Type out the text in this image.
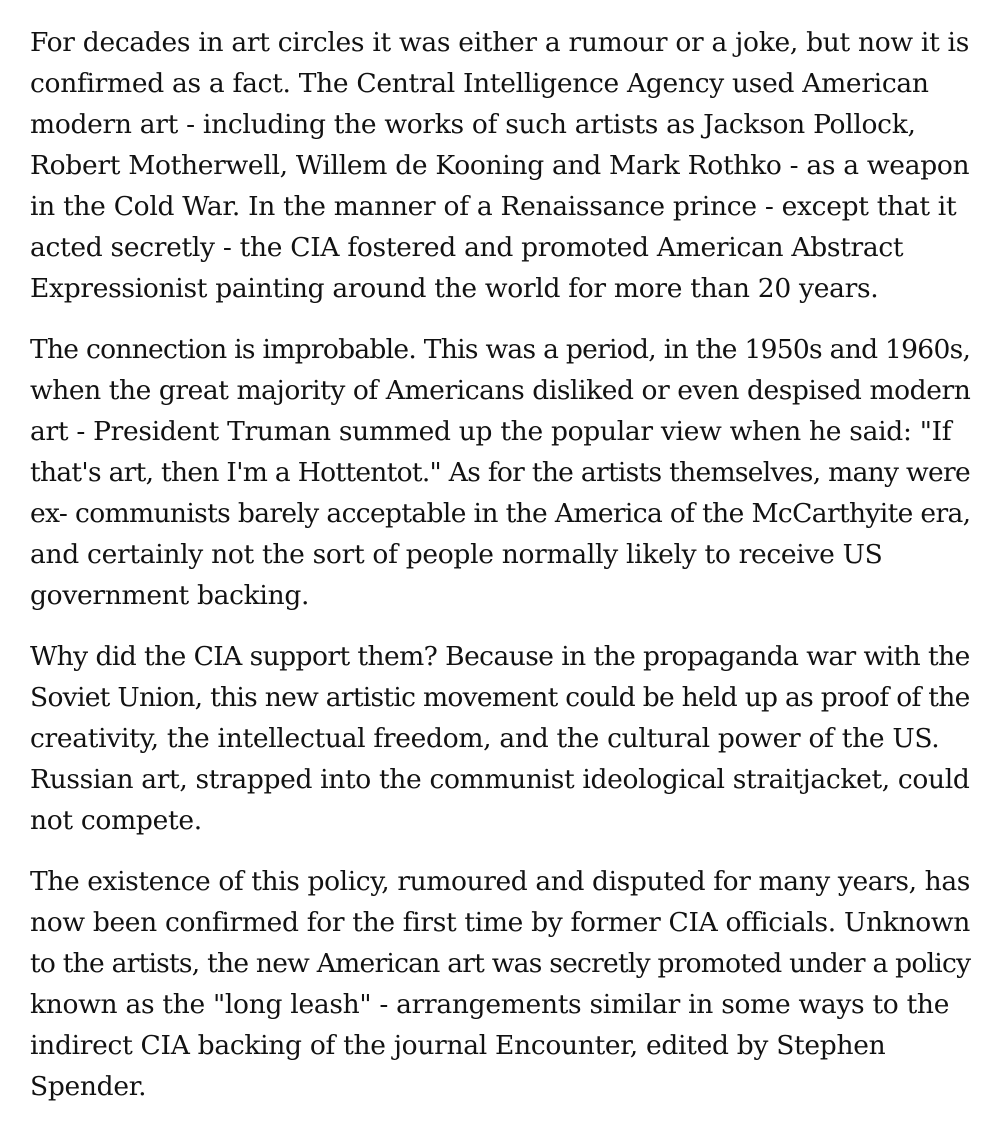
For decades in art circles it was either a rumour or a joke, but now it is
confirmed as a fact. The Central Intelligence Agency used American
modern art - including the works of such artists as Jackson Pollock,
Robert Motherwell, Willem de Kooning and Mark Rothko - as a weapon
in the Cold War. In the manner of a Renaissance prince - except that it
acted secretly - the CIA fostered and promoted American Abstract
Expressionist painting around the world for more than 20 years.

The connection is improbable. This was a period, in the 1950s and 1960s,
when the great majority of Americans disliked or even despised modern
art - President Truman summed up the popular view when he said: "If
that's art, then I'm a Hottentot." As for the artists themselves, many were
ex- communists barely acceptable in the America of the McCarthyite era,
and certainly not the sort of people normally likely to receive US
government backing.

Why did the CIA support them? Because in the propaganda war with the
Soviet Union, this new artistic movement could be held up as proof of the
creativity, the intellectual freedom, and the cultural power of the US.
Russian art, strapped into the communist ideological straitjacket, could
not compete.

The existence of this policy, rumoured and disputed for many years, has
now been confirmed for the first time by former CIA officials. Unknown
to the artists, the new American art was secretly promoted under a policy
known as the "long leash" - arrangements similar in some ways to the
indirect CIA backing of the journal Encounter, edited by Stephen
Spender.
